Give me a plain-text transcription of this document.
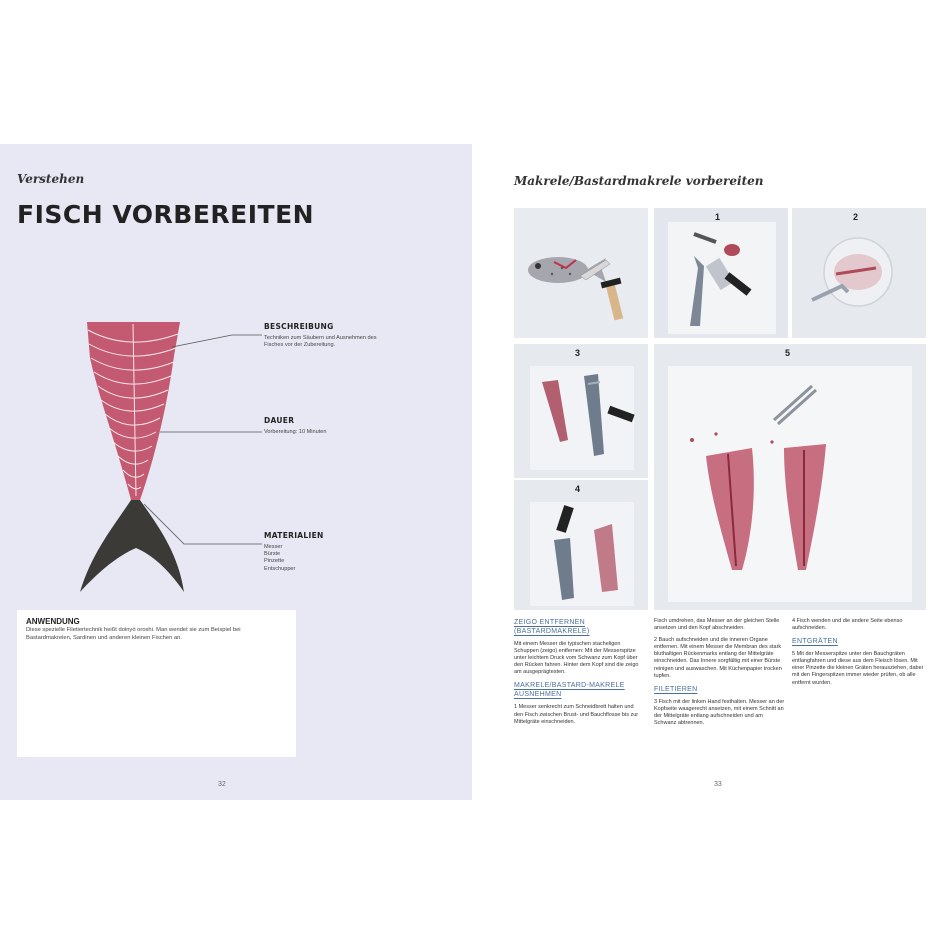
Verstehen
FISCH VORBEREITEN
BESCHREIBUNG
Techniken zum Säubern und Ausnehmen des Fisches vor der Zubereitung.
DAUER
Vorbereitung: 10 Minuten
MATERIALIEN
Messer
Bürste
Pinzette
Entschupper
ANWENDUNG
Diese spezielle Filetiertechnik heißt doinyö oroshi. Man wendet sie zum Beispiel bei Bastardmakrelen, Sardinen und anderen kleinen Fischen an.
32
Makrele/Bastardmakrele vorbereiten
1	2
3
4
5
ZEIGO ENTFERNEN (BASTARDMAKRELE)
Mit einem Messer die typischen stacheligen Schuppen (zeigo) entfernen: Mit der Messerspitze unter leichtem Druck vom Schwanz zum Kopf über den Rücken fahren. Hinter dem Kopf sind die zeigo am ausgeprägtesten.
MAKRELE/BASTARD-MAKRELE AUSNEHMEN
1 Messer senkrecht zum Schneidbrett halten und den Fisch zwischen Brust- und Bauchflosse bis zur Mittelgräte einschneiden.
Fisch umdrehen, das Messer an der gleichen Stelle ansetzen und den Kopf abschneiden.
2 Bauch aufschneiden und die inneren Organe entfernen. Mit einem Messer die Membran des stark bluthaltigen Rückenmarks entlang der Mittelgräte einschneiden. Das Innere sorgfältig mit einer Bürste reinigen und auswaschen. Mit Küchenpapier trocken tupfen.
FILETIEREN
3 Fisch mit der linken Hand festhalten. Messer an der Kopfseite waagerecht ansetzen, mit einem Schnitt an der Mittelgräte entlang aufschneiden und am Schwanz abtrennen.
4 Fisch wenden und die andere Seite ebenso aufschneiden.
ENTGRÄTEN
5 Mit der Messerspitze unter den Bauchgräten entlangfahren und diese aus dem Fleisch lösen. Mit einer Pinzette die kleinen Gräten herausziehen, dabei mit den Fingerspitzen immer wieder prüfen, ob alle entfernt wurden.
33
